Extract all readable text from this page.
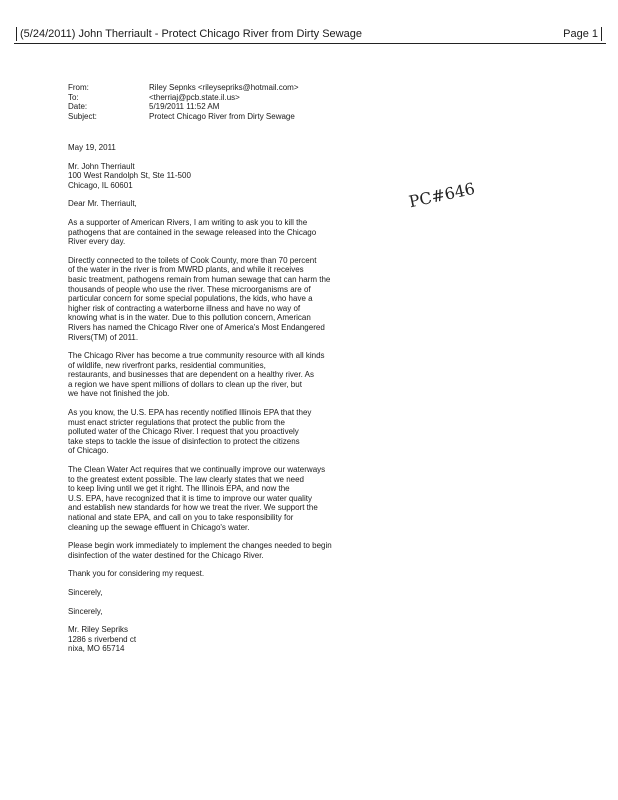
(5/24/2011) John Therriault - Protect Chicago River from Dirty Sewage	Page 1
From:	Riley Sepnks <rileysepriks@hotmail.com>
To:	<therriaj@pcb.state.il.us>
Date:	5/19/2011 11:52 AM
Subject:	Protect Chicago River from Dirty Sewage
PC#646

May 19, 2011

Mr. John Therriault
100 West Randolph St, Ste 11-500
Chicago, IL 60601

Dear Mr. Therriault,

As a supporter of American Rivers, I am writing to ask you to kill the
pathogens that are contained in the sewage released into the Chicago
River every day.

Directly connected to the toilets of Cook County, more than 70 percent
of the water in the river is from MWRD plants, and while it receives
basic treatment, pathogens remain from human sewage that can harm the
thousands of people who use the river. These microorganisms are of
particular concern for some special populations, the kids, who have a
higher risk of contracting a waterborne illness and have no way of
knowing what is in the water. Due to this pollution concern, American
Rivers has named the Chicago River one of America's Most Endangered
Rivers(TM) of 2011.

The Chicago River has become a true community resource with all kinds
of wildlife, new riverfront parks, residential communities,
restaurants, and businesses that are dependent on a healthy river. As
a region we have spent millions of dollars to clean up the river, but
we have not finished the job.

As you know, the U.S. EPA has recently notified Illinois EPA that they
must enact stricter regulations that protect the public from the
polluted water of the Chicago River. I request that you proactively
take steps to tackle the issue of disinfection to protect the citizens
of Chicago.

The Clean Water Act requires that we continually improve our waterways
to the greatest extent possible. The law clearly states that we need
to keep living until we get it right. The Illinois EPA, and now the
U.S. EPA, have recognized that it is time to improve our water quality
and establish new standards for how we treat the river. We support the
national and state EPA, and call on you to take responsibility for
cleaning up the sewage effluent in Chicago's water.

Please begin work immediately to implement the changes needed to begin
disinfection of the water destined for the Chicago River.

Thank you for considering my request.

Sincerely,

Sincerely,

Mr. Riley Sepriks
1286 s riverbend ct
nixa, MO 65714
